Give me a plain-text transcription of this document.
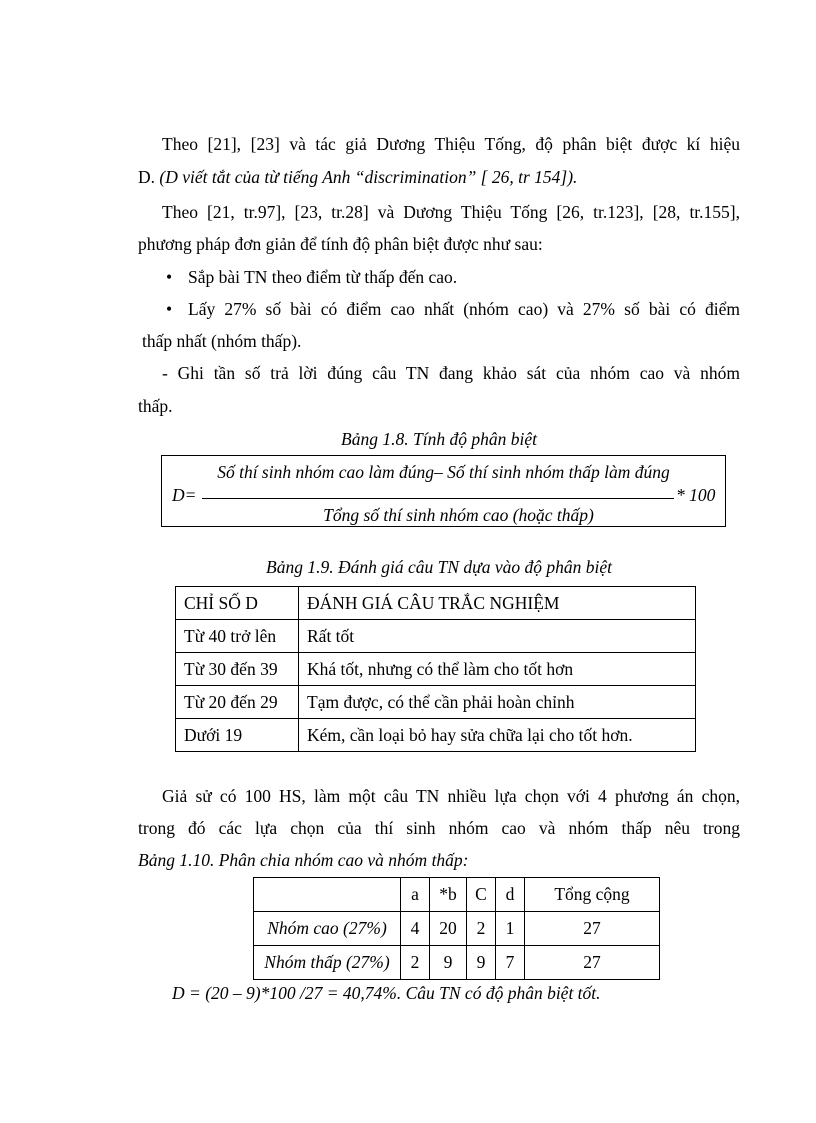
Theo [21], [23] và tác giả Dương Thiệu Tống, độ phân biệt được kí hiệu
D. (D viết tắt của từ tiếng Anh “discrimination” [ 26, tr 154]).
Theo [21, tr.97], [23, tr.28] và Dương Thiệu Tống [26, tr.123], [28, tr.155],
phương pháp đơn giản để tính độ phân biệt được như sau:
• Sắp bài TN theo điểm từ thấp đến cao.
• Lấy 27% số bài có điểm cao nhất (nhóm cao) và 27% số bài có điểm
thấp nhất (nhóm thấp).
- Ghi tần số trả lời đúng câu TN đang khảo sát của nhóm cao và nhóm
thấp.
Bảng 1.8. Tính độ phân biệt
Số thí sinh nhóm cao làm đúng– Số thí sinh nhóm thấp làm đúng
D=	* 100
Tổng số thí sinh nhóm cao (hoặc thấp)
Bảng 1.9. Đánh giá câu TN dựa vào độ phân biệt
CHỈ SỐ D	ĐÁNH GIÁ CÂU TRẮC NGHIỆM
Từ 40 trở lên	Rất tốt
Từ 30 đến 39	Khá tốt, nhưng có thể làm cho tốt hơn
Từ 20 đến 29	Tạm được, có thể cần phải hoàn chỉnh
Dưới 19	Kém, cần loại bỏ hay sửa chữa lại cho tốt hơn.
Giả sử có 100 HS, làm một câu TN nhiều lựa chọn với 4 phương án chọn,
trong đó các lựa chọn của thí sinh nhóm cao và nhóm thấp nêu trong
Bảng 1.10. Phân chia nhóm cao và nhóm thấp:
	a	*b	C	d	Tổng cộng
Nhóm cao (27%)	4	20	2	1	27
Nhóm thấp (27%)	2	9	9	7	27
D = (20 – 9)*100 /27 = 40,74%. Câu TN có độ phân biệt tốt.
